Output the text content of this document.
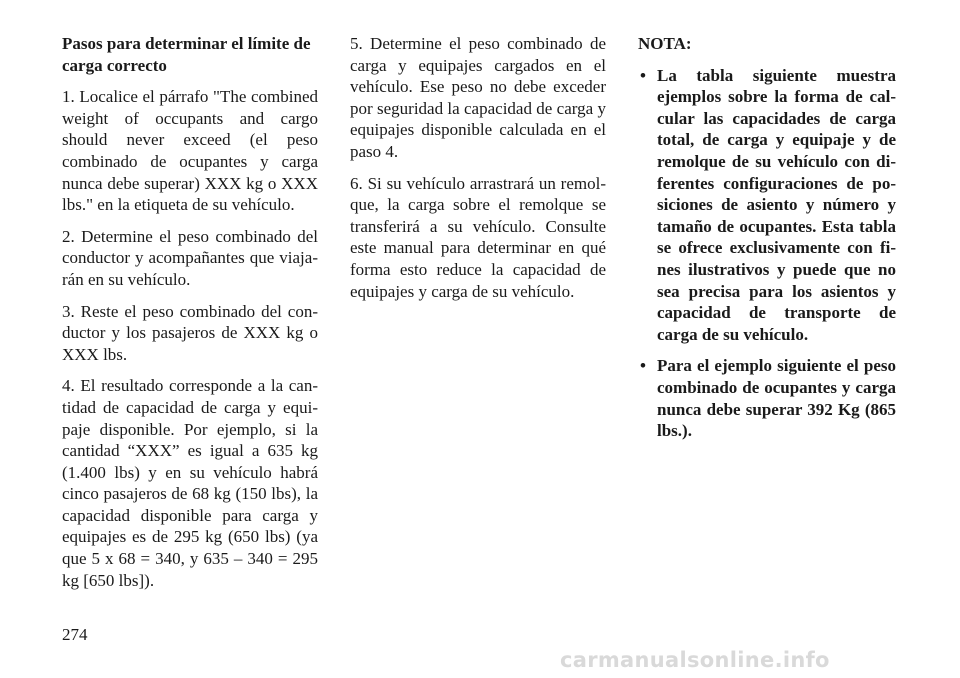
Pasos para determinar el límite de carga correcto

1. Localice el párrafo "The combined weight of occupants and cargo should never exceed (el peso combinado de ocupantes y carga nunca debe superar) XXX kg o XXX lbs." en la etiqueta de su vehículo.

2. Determine el peso combinado del conductor y acompañantes que viajarán en su vehículo.

3. Reste el peso combinado del conductor y los pasajeros de XXX kg o XXX lbs.

4. El resultado corresponde a la cantidad de capacidad de carga y equipaje disponible. Por ejemplo, si la cantidad “XXX” es igual a 635 kg (1.400 lbs) y en su vehículo habrá cinco pasajeros de 68 kg (150 lbs), la capacidad disponible para carga y equipajes es de 295 kg (650 lbs) (ya que 5 x 68 = 340, y 635 – 340 = 295 kg [650 lbs]).

5. Determine el peso combinado de carga y equipajes cargados en el vehículo. Ese peso no debe exceder por seguridad la capacidad de carga y equipajes disponible calculada en el paso 4.

6. Si su vehículo arrastrará un remolque, la carga sobre el remolque se transferirá a su vehículo. Consulte este manual para determinar en qué forma esto reduce la capacidad de equipajes y carga de su vehículo.

NOTA:

• La tabla siguiente muestra ejemplos sobre la forma de calcular las capacidades de carga total, de carga y equipaje y de remolque de su vehículo con diferentes configuraciones de posiciones de asiento y número y tamaño de ocupantes. Esta tabla se ofrece exclusivamente con fines ilustrativos y puede que no sea precisa para los asientos y capacidad de transporte de carga de su vehículo.
• Para el ejemplo siguiente el peso combinado de ocupantes y carga nunca debe superar 392 Kg (865 lbs.).
274
carmanualsonline.info
